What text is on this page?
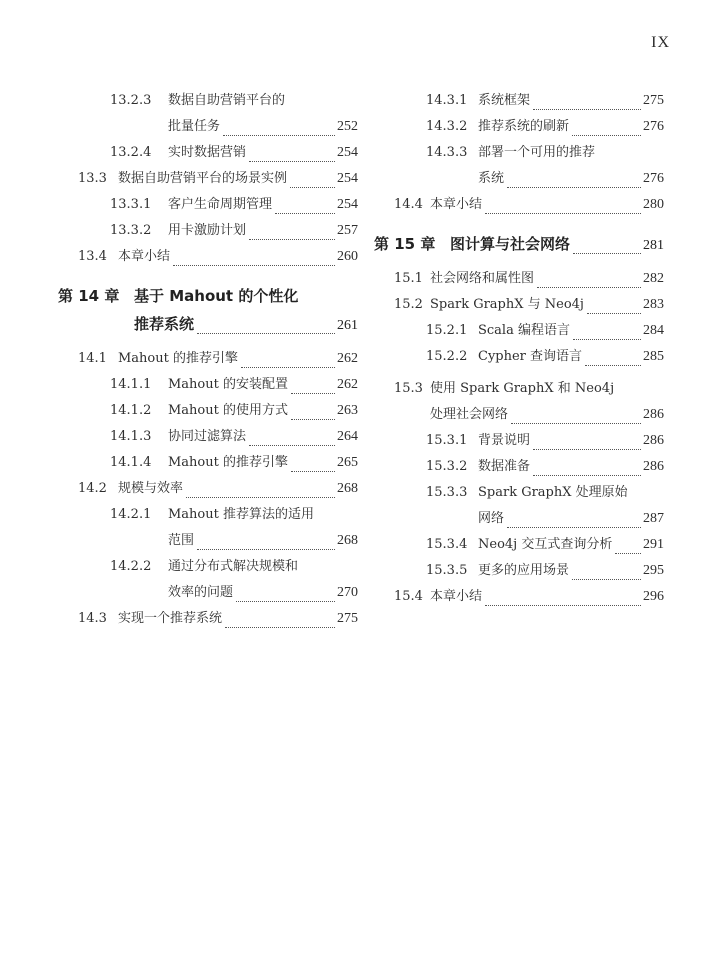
IX
13.2.3	数据自助营销平台的
批量任务	252
13.2.4	实时数据营销	254
13.3 数据自助营销平台的场景实例	254
13.3.1	客户生命周期管理	254
13.3.2	用卡激励计划	257
13.4 本章小结	260
第 14 章 基于 Mahout 的个性化
推荐系统	261
14.1 Mahout 的推荐引擎	262
14.1.1	Mahout 的安装配置	262
14.1.2	Mahout 的使用方式	263
14.1.3	协同过滤算法	264
14.1.4	Mahout 的推荐引擎	265
14.2 规模与效率	268
14.2.1	Mahout 推荐算法的适用
范围	268
14.2.2	通过分布式解决规模和
效率的问题	270
14.3 实现一个推荐系统	275
14.3.1 系统框架	275
14.3.2 推荐系统的刷新	276
14.3.3 部署一个可用的推荐
系统	276
14.4 本章小结	280
第 15 章 图计算与社会网络	281
15.1 社会网络和属性图	282
15.2 Spark GraphX 与 Neo4j	283
15.2.1 Scala 编程语言	284
15.2.2 Cypher 查询语言	285
15.3 使用 Spark GraphX 和 Neo4j
处理社会网络	286
15.3.1 背景说明	286
15.3.2 数据准备	286
15.3.3 Spark GraphX 处理原始
网络	287
15.3.4 Neo4j 交互式查询分析 291
15.3.5 更多的应用场景	295
15.4 本章小结	296
